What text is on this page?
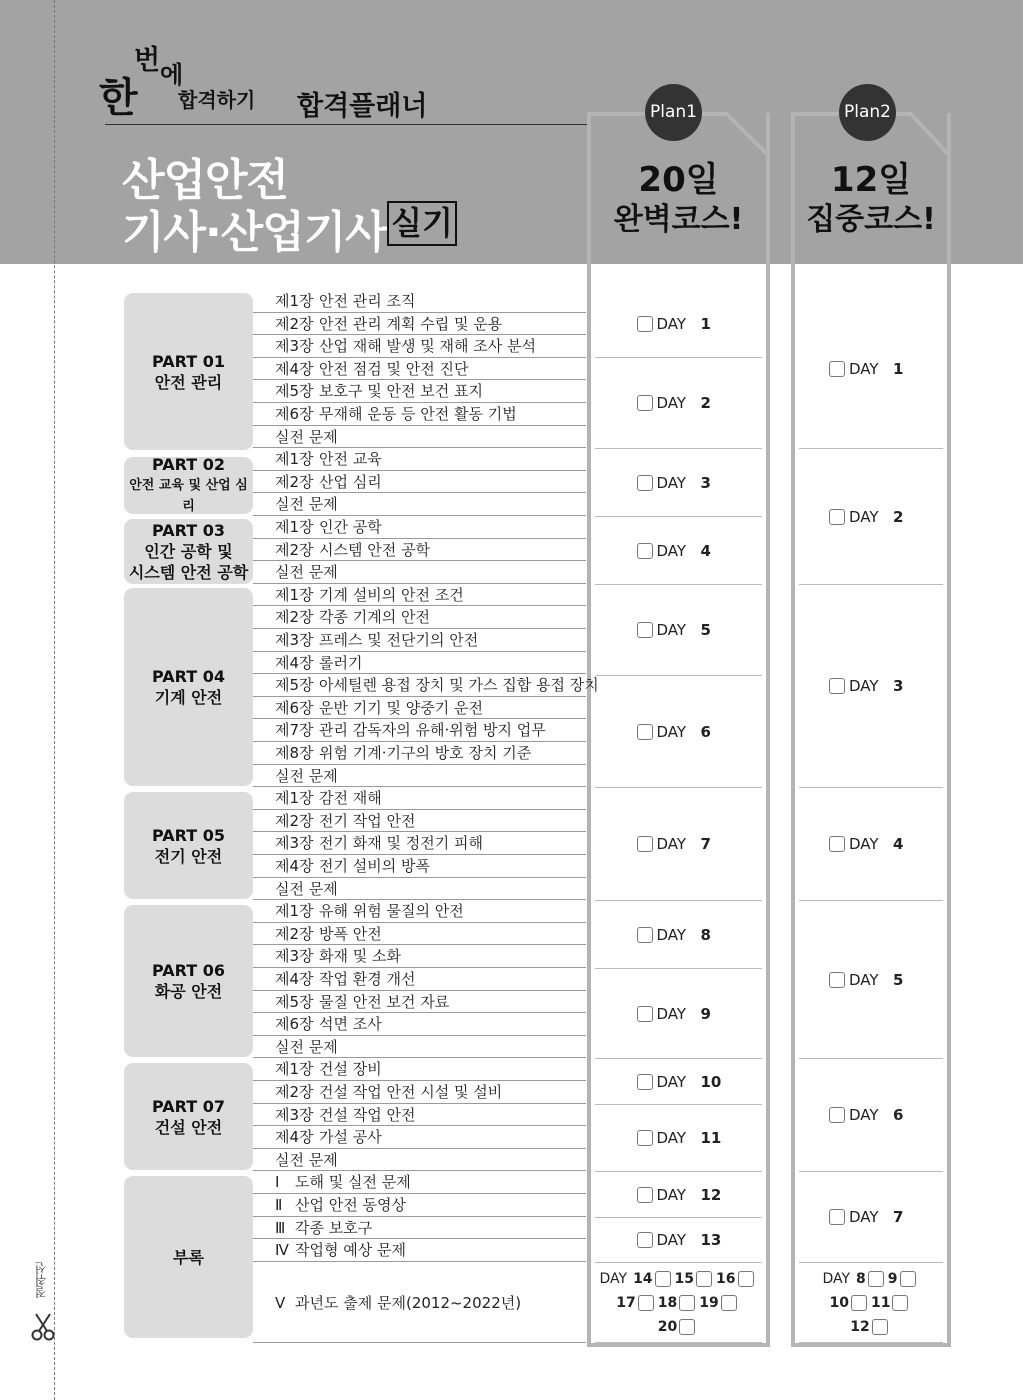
한
번 에
합격하기 합격플래너
산업안전
기사·산업기사 실기
Plan1
20일
완벽코스!
Plan2
12일
집중코스!
PART 01
안전 관리
PART 02
안전 교육 및 산업 심리
PART 03
인간 공학 및
시스템 안전 공학
PART 04
기계 안전
PART 05
전기 안전
PART 06
화공 안전
PART 07
건설 안전
부록
제1장 안전 관리 조직
제2장 안전 관리 계획 수립 및 운용
제3장 산업 재해 발생 및 재해 조사 분석
제4장 안전 점검 및 안전 진단
제5장 보호구 및 안전 보건 표지
제6장 무재해 운동 등 안전 활동 기법
실전 문제
제1장 안전 교육
제2장 산업 심리
실전 문제
제1장 인간 공학
제2장 시스템 안전 공학
실전 문제
제1장 기계 설비의 안전 조건
제2장 각종 기계의 안전
제3장 프레스 및 전단기의 안전
제4장 롤러기
제5장 아세틸렌 용접 장치 및 가스 집합 용접 장치
제6장 운반 기기 및 양중기 운전
제7장 관리 감독자의 유해·위험 방지 업무
제8장 위험 기계·기구의 방호 장치 기준
실전 문제
제1장 감전 재해
제2장 전기 작업 안전
제3장 전기 화재 및 정전기 피해
제4장 전기 설비의 방폭
실전 문제
제1장 유해 위험 물질의 안전
제2장 방폭 안전
제3장 화재 및 소화
제4장 작업 환경 개선
제5장 물질 안전 보건 자료
제6장 석면 조사
실전 문제
제1장 건설 장비
제2장 건설 작업 안전 시설 및 설비
제3장 건설 작업 안전
제4장 가설 공사
실전 문제
Ⅰ 도해 및 실전 문제
Ⅱ 산업 안전 동영상
Ⅲ 각종 보호구
Ⅳ 작업형 예상 문제
Ⅴ 과년도 출제 문제(2012~2022년)
DAY 1
DAY 2
DAY 3
DAY 4
DAY 5
DAY 6
DAY 7
DAY 8
DAY 9
DAY 10
DAY 11
DAY 12
DAY 13
DAY 14 15 16
17 18 19
20
DAY 1
DAY 2
DAY 3
DAY 4
DAY 5
DAY 6
DAY 7
DAY 8 9
10 11
12
절취선
